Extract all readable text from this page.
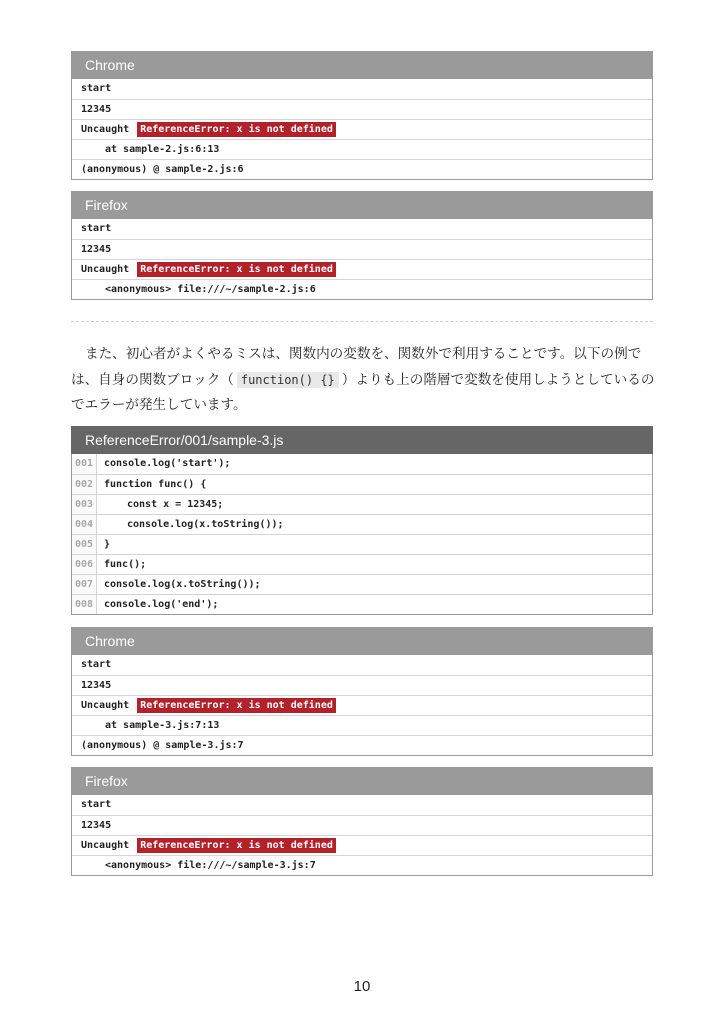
Chrome
start
12345
Uncaught ReferenceError: x is not defined
at sample-2.js:6:13
(anonymous) @ sample-2.js:6
Firefox
start
12345
Uncaught ReferenceError: x is not defined
<anonymous> file:///~/sample-2.js:6
また、初心者がよくやるミスは、関数内の変数を、関数外で利用することです。以下の例では、自身の関数ブロック（ function() {} ）よりも上の階層で変数を使用しようとしているのでエラーが発生しています。
ReferenceError/001/sample-3.js
001	console.log('start');
002	function func() {
003	const x = 12345;
004	console.log(x.toString());
005	}
006	func();
007	console.log(x.toString());
008	console.log('end');
Chrome
start
12345
Uncaught ReferenceError: x is not defined
at sample-3.js:7:13
(anonymous) @ sample-3.js:7
Firefox
start
12345
Uncaught ReferenceError: x is not defined
<anonymous> file:///~/sample-3.js:7
10
